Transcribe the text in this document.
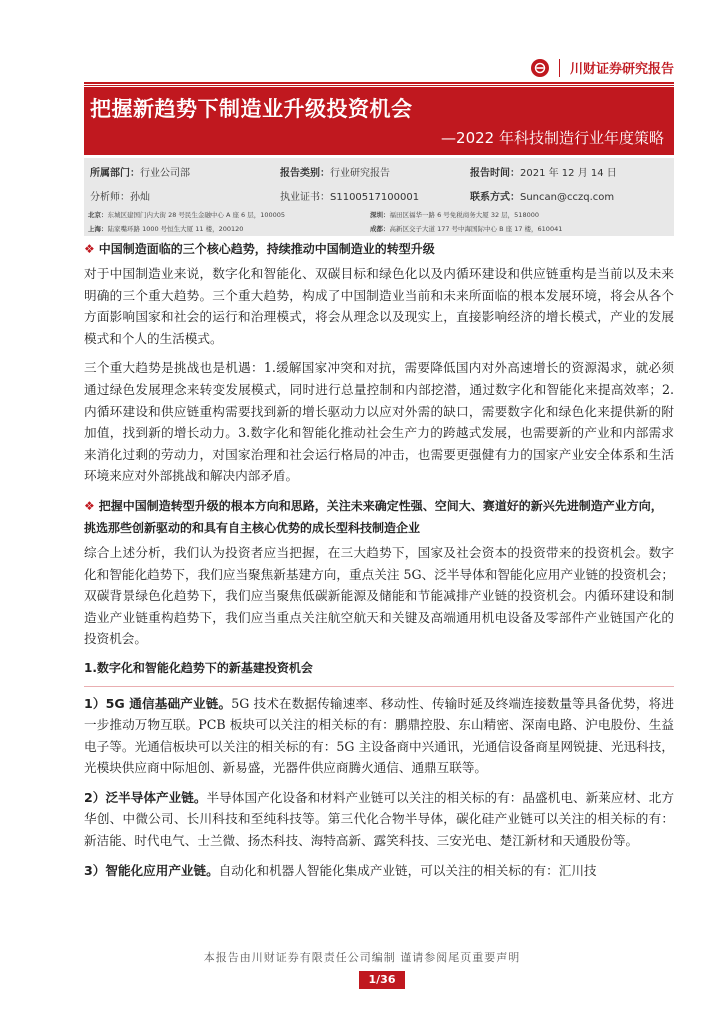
川财证券研究报告
把握新趋势下制造业升级投资机会
—2022 年科技制造行业年度策略
所属部门：行业公司部	报告类别：行业研究报告	报告时间：2021 年 12 月 14 日
分析师：孙灿	执业证书：S1100517100001	联系方式：Suncan@cczq.com
北京：东城区建国门内大街 28 号民生金融中心 A 座 6 层，100005	深圳：福田区福华一路 6 号免税商务大厦 32 层，518000
上海：陆家嘴环路 1000 号恒生大厦 11 楼，200120	成都：高新区交子大道 177 号中海国际中心 B 座 17 楼，610041

❖ 中国制造面临的三个核心趋势，持续推动中国制造业的转型升级

对于中国制造业来说，数字化和智能化、双碳目标和绿色化以及内循环建设和供应链重构是当前以及未来明确的三个重大趋势。三个重大趋势，构成了中国制造业当前和未来所面临的根本发展环境，将会从各个方面影响国家和社会的运行和治理模式，将会从理念以及现实上，直接影响经济的增长模式，产业的发展模式和个人的生活模式。

三个重大趋势是挑战也是机遇：1.缓解国家冲突和对抗，需要降低国内对外高速增长的资源渴求，就必须通过绿色发展理念来转变发展模式，同时进行总量控制和内部挖潜，通过数字化和智能化来提高效率；2.内循环建设和供应链重构需要找到新的增长驱动力以应对外需的缺口，需要数字化和绿色化来提供新的附加值，找到新的增长动力。3.数字化和智能化推动社会生产力的跨越式发展，也需要新的产业和内部需求来消化过剩的劳动力，对国家治理和社会运行格局的冲击，也需要更强健有力的国家产业安全体系和生活环境来应对外部挑战和解决内部矛盾。

❖ 把握中国制造转型升级的根本方向和思路，关注未来确定性强、空间大、赛道好的新兴先进制造产业方向，挑选那些创新驱动的和具有自主核心优势的成长型科技制造企业

综合上述分析，我们认为投资者应当把握，在三大趋势下，国家及社会资本的投资带来的投资机会。数字化和智能化趋势下，我们应当聚焦新基建方向，重点关注 5G、泛半导体和智能化应用产业链的投资机会；双碳背景绿色化趋势下，我们应当聚焦低碳新能源及储能和节能减排产业链的投资机会。内循环建设和制造业产业链重构趋势下，我们应当重点关注航空航天和关键及高端通用机电设备及零部件产业链国产化的投资机会。

1.数字化和智能化趋势下的新基建投资机会

1）5G 通信基础产业链。5G 技术在数据传输速率、移动性、传输时延及终端连接数量等具备优势，将进一步推动万物互联。PCB 板块可以关注的相关标的有：鹏鼎控股、东山精密、深南电路、沪电股份、生益电子等。光通信板块可以关注的相关标的有：5G 主设备商中兴通讯，光通信设备商星网锐捷、光迅科技，光模块供应商中际旭创、新易盛，光器件供应商腾火通信、通鼎互联等。

2）泛半导体产业链。半导体国产化设备和材料产业链可以关注的相关标的有：晶盛机电、新莱应材、北方华创、中微公司、长川科技和至纯科技等。第三代化合物半导体，碳化硅产业链可以关注的相关标的有：新洁能、时代电气、士兰微、扬杰科技、海特高新、露笑科技、三安光电、楚江新材和天通股份等。

3）智能化应用产业链。自动化和机器人智能化集成产业链，可以关注的相关标的有：汇川技

本报告由川财证券有限责任公司编制 谨请参阅尾页重要声明
1/36
